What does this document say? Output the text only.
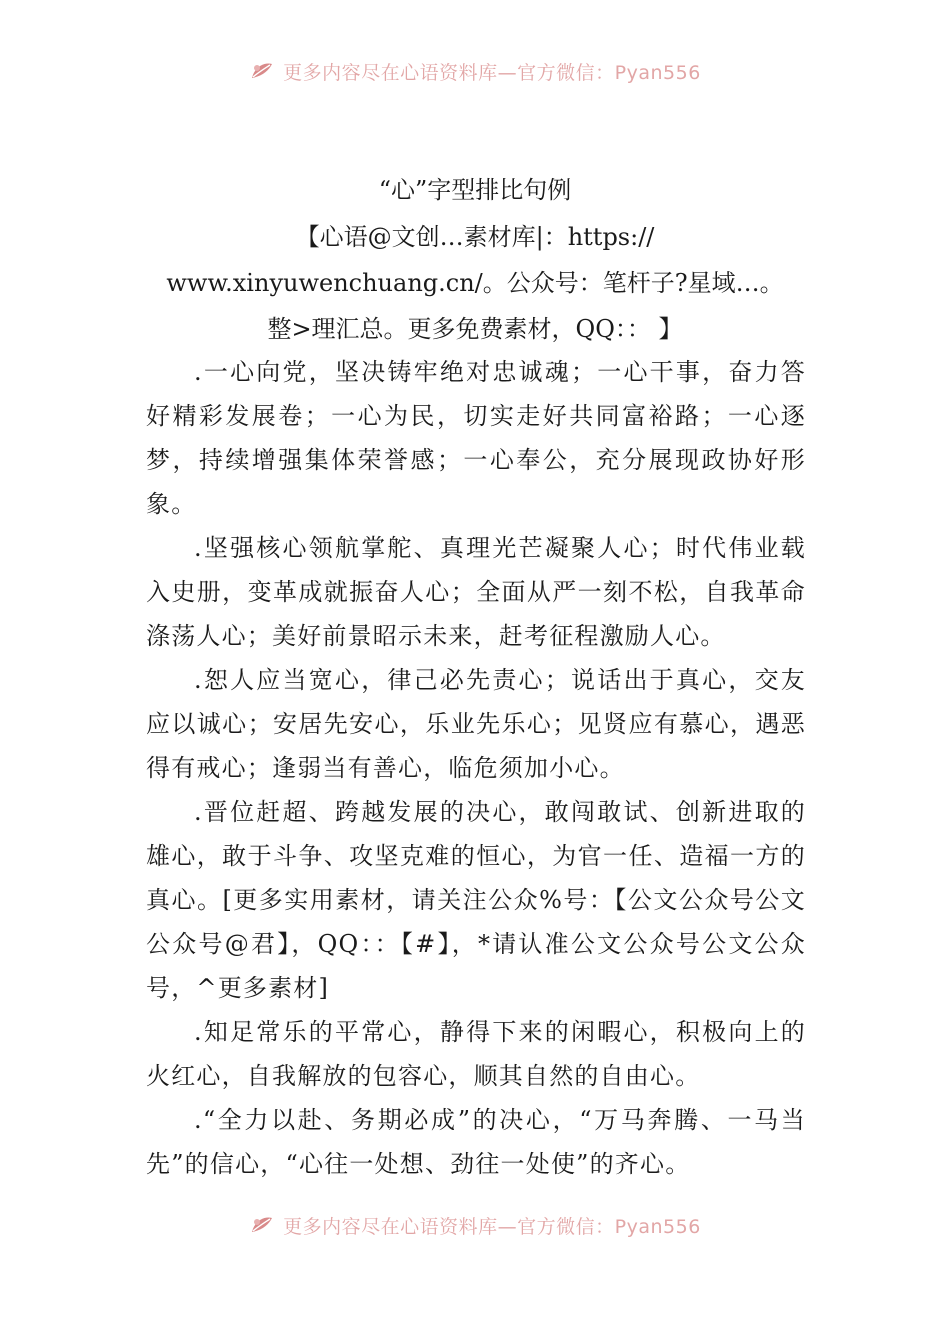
更多内容尽在心语资料库—官方微信：Pyan556
“心”字型排比句例
【心语@文创…素材库|：https://
www.xinyuwenchuang.cn/。公众号：笔杆子?星域…。
整>理汇总。更多免费素材，QQ：： 】

.一心向党，坚决铸牢绝对忠诚魂；一心干事，奋力答好精彩发展卷；一心为民，切实走好共同富裕路；一心逐梦，持续增强集体荣誉感；一心奉公，充分展现政协好形象。

.坚强核心领航掌舵、真理光芒凝聚人心；时代伟业载入史册，变革成就振奋人心；全面从严一刻不松，自我革命涤荡人心；美好前景昭示未来，赶考征程激励人心。

.恕人应当宽心，律己必先责心；说话出于真心，交友应以诚心；安居先安心，乐业先乐心；见贤应有慕心，遇恶得有戒心；逢弱当有善心，临危须加小心。

.晋位赶超、跨越发展的决心，敢闯敢试、创新进取的雄心，敢于斗争、攻坚克难的恒心，为官一任、造福一方的真心。[更多实用素材，请关注公众%号：【公文公众号公文公众号@君】，QQ：：【#】，*请认准公文公众号公文公众号，^更多素材]

.知足常乐的平常心，静得下来的闲暇心，积极向上的火红心，自我解放的包容心，顺其自然的自由心。

.“全力以赴、务期必成”的决心，“万马奔腾、一马当先”的信心，“心往一处想、劲往一处使”的齐心。

更多内容尽在心语资料库—官方微信：Pyan556
